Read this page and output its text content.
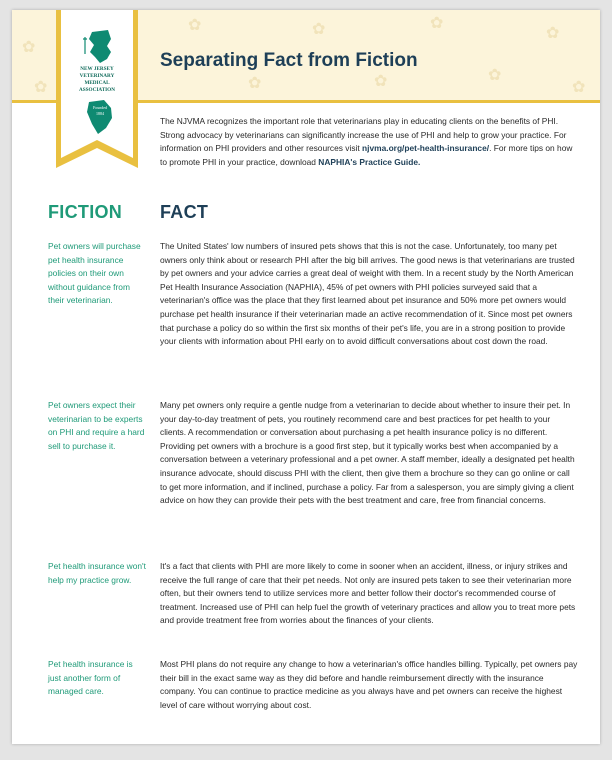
✿
✿
✿
✿
✿
✿
✿
✿
✿
✿
NEW JERSEY
VETERINARY
MEDICAL
ASSOCIATION
Founded
1884
Separating Fact from Fiction

The NJVMA recognizes the important role that veterinarians play in educating clients on the benefits of PHI. Strong advocacy by veterinarians can significantly increase the use of PHI and help to grow your practice. For information on PHI providers and other resources visit njvma.org/pet-health-insurance/. For more tips on how to promote PHI in your practice, download NAPHIA's Practice Guide.

FICTION FACT

Pet owners will purchase pet health insurance policies on their own without guidance from their veterinarian.

The United States' low numbers of insured pets shows that this is not the case. Unfortunately, too many pet owners only think about or research PHI after the big bill arrives. The good news is that veterinarians are trusted by pet owners and your advice carries a great deal of weight with them. In a recent study by the North American Pet Health Insurance Association (NAPHIA), 45% of pet owners with PHI policies surveyed said that a veterinarian's office was the place that they first learned about pet insurance and 50% more pet owners would purchase pet health insurance if their veterinarian made an active recommendation of it. Since most pet owners that purchase a policy do so within the first six months of their pet's life, you are in a strong position to provide your clients with information about PHI early on to avoid difficult conversations about cost down the road.

Pet owners expect their veterinarian to be experts on PHI and require a hard sell to purchase it.

Many pet owners only require a gentle nudge from a veterinarian to decide about whether to insure their pet. In your day-to-day treatment of pets, you routinely recommend care and best practices for pet health to your clients. A recommendation or conversation about purchasing a pet health insurance policy is no different. Providing pet owners with a brochure is a good first step, but it typically works best when accompanied by a conversation between a veterinary professional and a pet owner. A staff member, ideally a designated pet health insurance advocate, should discuss PHI with the client, then give them a brochure so they can go online or call to get more information, and if inclined, purchase a policy. Far from a salesperson, you are simply giving a client advice on how they can provide their pets with the best treatment and care, free from financial concerns.

Pet health insurance won't help my practice grow.

It's a fact that clients with PHI are more likely to come in sooner when an accident, illness, or injury strikes and receive the full range of care that their pet needs. Not only are insured pets taken to see their veterinarian more often, but their owners tend to utilize services more and better follow their doctor's recommended course of treatment. Increased use of PHI can help fuel the growth of veterinary practices and allow you to treat more pets and provide treatment free from worries about the finances of your clients.

Pet health insurance is just another form of managed care.

Most PHI plans do not require any change to how a veterinarian's office handles billing. Typically, pet owners pay their bill in the exact same way as they did before and handle reimbursement directly with the insurance company. You can continue to practice medicine as you always have and pet owners can receive the highest level of care without worrying about cost.
